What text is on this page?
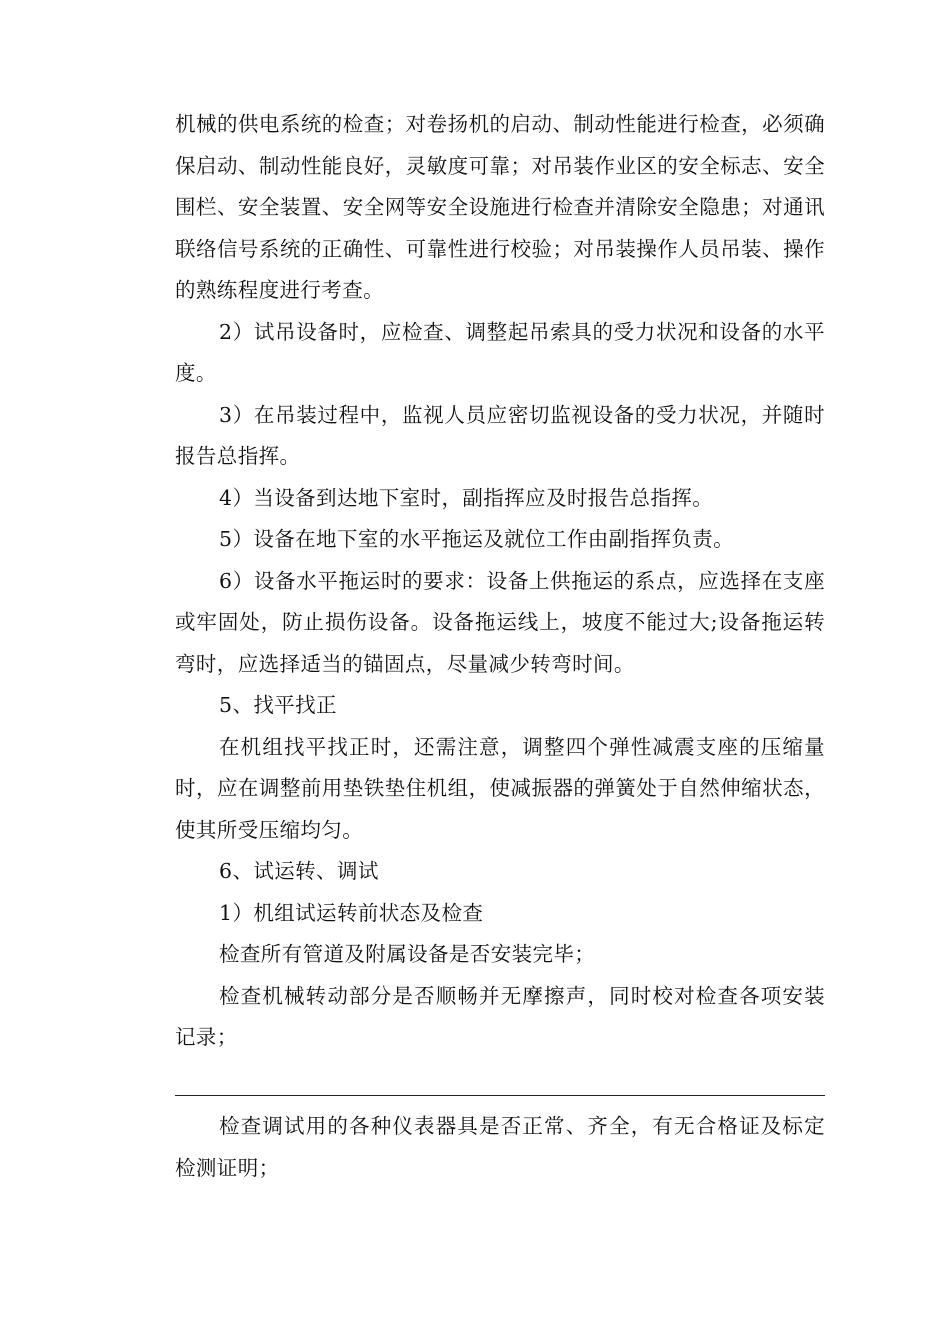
机械的供电系统的检查；对卷扬机的启动、制动性能进行检查，必须确保启动、制动性能良好，灵敏度可靠；对吊装作业区的安全标志、安全围栏、安全装置、安全网等安全设施进行检查并清除安全隐患；对通讯联络信号系统的正确性、可靠性进行校验；对吊装操作人员吊装、操作的熟练程度进行考查。

2）试吊设备时，应检查、调整起吊索具的受力状况和设备的水平度。

3）在吊装过程中，监视人员应密切监视设备的受力状况，并随时报告总指挥。

4）当设备到达地下室时，副指挥应及时报告总指挥。

5）设备在地下室的水平拖运及就位工作由副指挥负责。

6）设备水平拖运时的要求：设备上供拖运的系点，应选择在支座或牢固处，防止损伤设备。设备拖运线上，坡度不能过大;设备拖运转弯时，应选择适当的锚固点，尽量减少转弯时间。

5、找平找正

在机组找平找正时，还需注意，调整四个弹性减震支座的压缩量时，应在调整前用垫铁垫住机组，使减振器的弹簧处于自然伸缩状态，使其所受压缩均匀。

6、试运转、调试

1）机组试运转前状态及检查

检查所有管道及附属设备是否安装完毕；

检查机械转动部分是否顺畅并无摩擦声，同时校对检查各项安装记录；

检查调试用的各种仪表器具是否正常、齐全，有无合格证及标定检测证明；
